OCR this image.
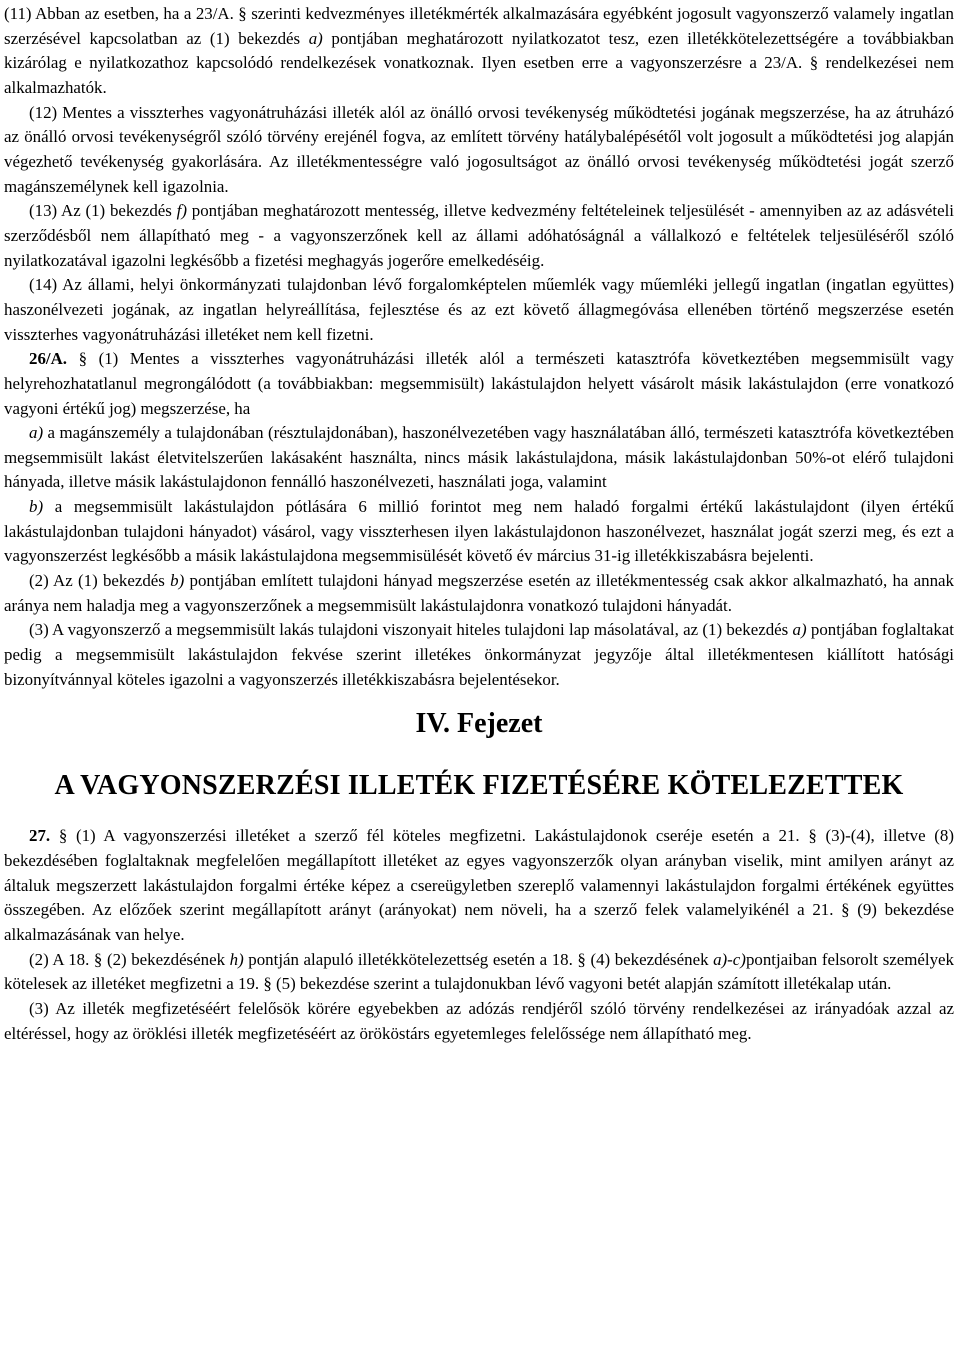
(11) Abban az esetben, ha a 23/A. § szerinti kedvezményes illetékmérték alkalmazására egyébként jogosult vagyonszerző valamely ingatlan szerzésével kapcsolatban az (1) bekezdés a) pontjában meghatározott nyilatkozatot tesz, ezen illetékkötelezettségére a továbbiakban kizárólag e nyilatkozathoz kapcsolódó rendelkezések vonatkoznak. Ilyen esetben erre a vagyonszerzésre a 23/A. § rendelkezései nem alkalmazhatók.

(12) Mentes a visszterhes vagyonátruházási illeték alól az önálló orvosi tevékenység működtetési jogának megszerzése, ha az átruházó az önálló orvosi tevékenységről szóló törvény erejénél fogva, az említett törvény hatálybalépésétől volt jogosult a működtetési jog alapján végezhető tevékenység gyakorlására. Az illetékmentességre való jogosultságot az önálló orvosi tevékenység működtetési jogát szerző magánszemélynek kell igazolnia.

(13) Az (1) bekezdés f) pontjában meghatározott mentesség, illetve kedvezmény feltételeinek teljesülését - amennyiben az az adásvételi szerződésből nem állapítható meg - a vagyonszerzőnek kell az állami adóhatóságnál a vállalkozó e feltételek teljesüléséről szóló nyilatkozatával igazolni legkésőbb a fizetési meghagyás jogerőre emelkedéséig.

(14) Az állami, helyi önkormányzati tulajdonban lévő forgalomképtelen műemlék vagy műemléki jellegű ingatlan (ingatlan együttes) haszonélvezeti jogának, az ingatlan helyreállítása, fejlesztése és az ezt követő állagmegóvása ellenében történő megszerzése esetén visszterhes vagyonátruházási illetéket nem kell fizetni.

26/A. § (1) Mentes a visszterhes vagyonátruházási illeték alól a természeti katasztrófa következtében megsemmisült vagy helyrehozhatatlanul megrongálódott (a továbbiakban: megsemmisült) lakástulajdon helyett vásárolt másik lakástulajdon (erre vonatkozó vagyoni értékű jog) megszerzése, ha

a) a magánszemély a tulajdonában (résztulajdonában), haszonélvezetében vagy használatában álló, természeti katasztrófa következtében megsemmisült lakást életvitelszerűen lakásaként használta, nincs másik lakástulajdona, másik lakástulajdonban 50%-ot elérő tulajdoni hányada, illetve másik lakástulajdonon fennálló haszonélvezeti, használati joga, valamint

b) a megsemmisült lakástulajdon pótlására 6 millió forintot meg nem haladó forgalmi értékű lakástulajdont (ilyen értékű lakástulajdonban tulajdoni hányadot) vásárol, vagy visszterhesen ilyen lakástulajdonon haszonélvezet, használat jogát szerzi meg, és ezt a vagyonszerzést legkésőbb a másik lakástulajdona megsemmisülését követő év március 31-ig illetékkiszabásra bejelenti.

(2) Az (1) bekezdés b) pontjában említett tulajdoni hányad megszerzése esetén az illetékmentesség csak akkor alkalmazható, ha annak aránya nem haladja meg a vagyonszerzőnek a megsemmisült lakástulajdonra vonatkozó tulajdoni hányadát.

(3) A vagyonszerző a megsemmisült lakás tulajdoni viszonyait hiteles tulajdoni lap másolatával, az (1) bekezdés a) pontjában foglaltakat pedig a megsemmisült lakástulajdon fekvése szerint illetékes önkormányzat jegyzője által illetékmentesen kiállított hatósági bizonyítvánnyal köteles igazolni a vagyonszerzés illetékkiszabásra bejelentésekor.

IV. Fejezet
A VAGYONSZERZÉSI ILLETÉK FIZETÉSÉRE KÖTELEZETTEK

27. § (1) A vagyonszerzési illetéket a szerző fél köteles megfizetni. Lakástulajdonok cseréje esetén a 21. § (3)-(4), illetve (8) bekezdésében foglaltaknak megfelelően megállapított illetéket az egyes vagyonszerzők olyan arányban viselik, mint amilyen arányt az általuk megszerzett lakástulajdon forgalmi értéke képez a csereügyletben szereplő valamennyi lakástulajdon forgalmi értékének együttes összegében. Az előzőek szerint megállapított arányt (arányokat) nem növeli, ha a szerző felek valamelyikénél a 21. § (9) bekezdése alkalmazásának van helye.

(2) A 18. § (2) bekezdésének h) pontján alapuló illetékkötelezettség esetén a 18. § (4) bekezdésének a)-c)pontjaiban felsorolt személyek kötelesek az illetéket megfizetni a 19. § (5) bekezdése szerint a tulajdonukban lévő vagyoni betét alapján számított illetékalap után.

(3) Az illeték megfizetéséért felelősök körére egyebekben az adózás rendjéről szóló törvény rendelkezései az irányadóak azzal az eltéréssel, hogy az öröklési illeték megfizetéséért az örököstárs egyetemleges felelőssége nem állapítható meg.
